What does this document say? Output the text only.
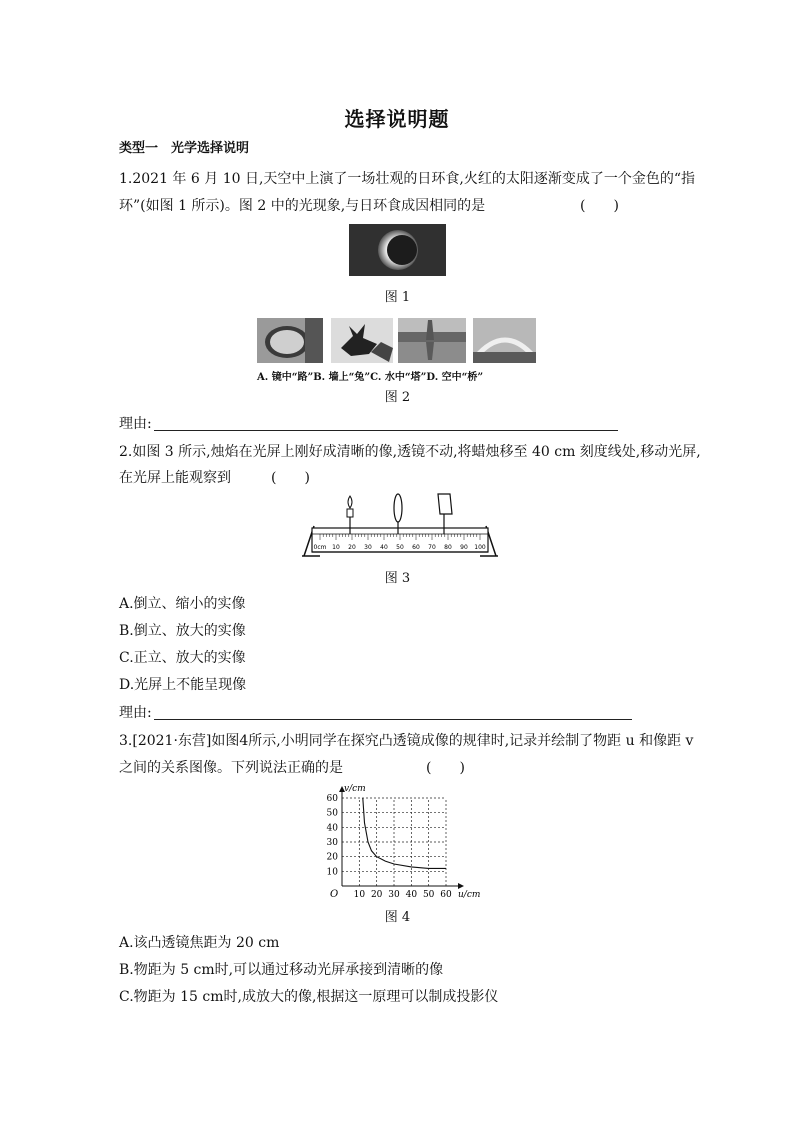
选择说明题
类型一　光学选择说明
1.2021 年 6 月 10 日,天空中上演了一场壮观的日环食,火红的太阳逐渐变成了一个金色的“指
环”(如图 1 所示)。图 2 中的光现象,与日环食成因相同的是	(　　)
图 1
A. 镜中“路”B. 墙上“兔”C. 水中“塔”D. 空中“桥”
图 2
理由:
2.如图 3 所示,烛焰在光屏上刚好成清晰的像,透镜不动,将蜡烛移至 40 cm 刻度线处,移动光屏,
在光屏上能观察到	(　　)
0cm 10 20 30 40 50 60 70 80 90 100
图 3
A.倒立、缩小的实像
B.倒立、放大的实像
C.正立、放大的实像
D.光屏上不能呈现像
理由:
3.[2021·东营]如图4所示,小明同学在探究凸透镜成像的规律时,记录并绘制了物距 u 和像距 v
之间的关系图像。下列说法正确的是	(　　)
10 20 30 40 50 60
10
20
30
40
50
60
u/cm
v/cm
O
图 4
A.该凸透镜焦距为 20 cm
B.物距为 5 cm时,可以通过移动光屏承接到清晰的像
C.物距为 15 cm时,成放大的像,根据这一原理可以制成投影仪
